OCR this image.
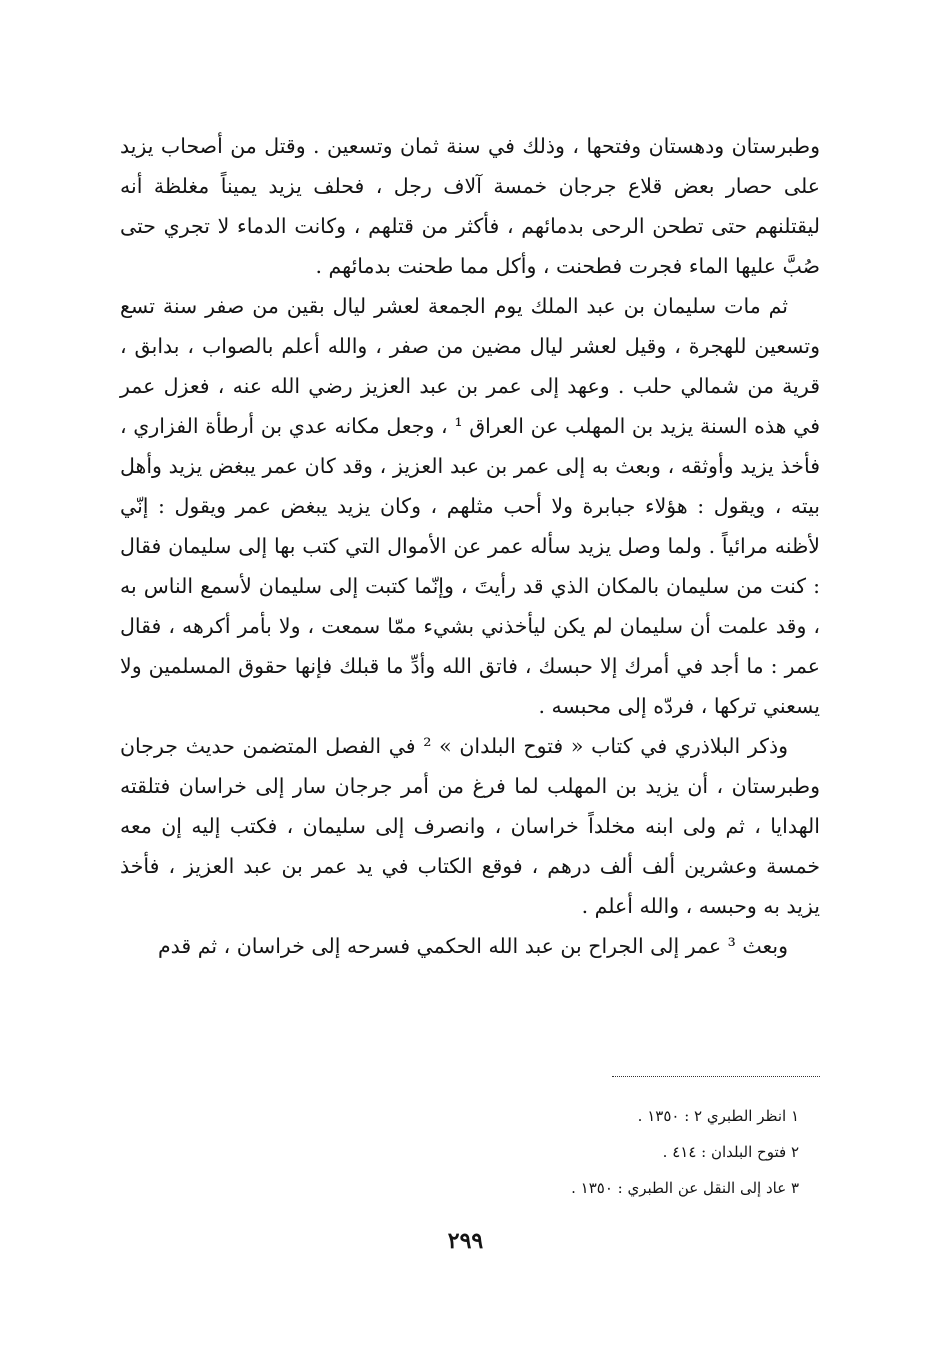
وطبرستان ودهستان وفتحها ، وذلك في سنة ثمان وتسعين . وقتل من أصحاب يزيد على حصار بعض قلاع جرجان خمسة آلاف رجل ، فحلف يزيد يميناً مغلظة أنه ليقتلنهم حتى تطحن الرحى بدمائهم ، فأكثر من قتلهم ، وكانت الدماء لا تجري حتى صُبَّ عليها الماء فجرت فطحنت ، وأكل مما طحنت بدمائهم .

ثم مات سليمان بن عبد الملك يوم الجمعة لعشر ليال بقين من صفر سنة تسع وتسعين للهجرة ، وقيل لعشر ليال مضين من صفر ، والله أعلم بالصواب ، بدابق ، قرية من شمالي حلب . وعهد إلى عمر بن عبد العزيز رضي الله عنه ، فعزل عمر في هذه السنة يزيد بن المهلب عن العراق ¹ ، وجعل مكانه عدي بن أرطأة الفزاري ، فأخذ يزيد وأوثقه ، وبعث به إلى عمر بن عبد العزيز ، وقد كان عمر يبغض يزيد وأهل بيته ، ويقول : هؤلاء جبابرة ولا أحب مثلهم ، وكان يزيد يبغض عمر ويقول : إنّي لأظنه مرائياً . ولما وصل يزيد سأله عمر عن الأموال التي كتب بها إلى سليمان فقال : كنت من سليمان بالمكان الذي قد رأيتَ ، وإنّما كتبت إلى سليمان لأسمع الناس به ، وقد علمت أن سليمان لم يكن ليأخذني بشيء ممّا سمعت ، ولا بأمر أكرهه ، فقال عمر : ما أجد في أمرك إلا حبسك ، فاتق الله وأدِّ ما قبلك فإنها حقوق المسلمين ولا يسعني تركها ، فردّه إلى محبسه .

وذكر البلاذري في كتاب « فتوح البلدان » ² في الفصل المتضمن حديث جرجان وطبرستان ، أن يزيد بن المهلب لما فرغ من أمر جرجان سار إلى خراسان فتلقته الهدايا ، ثم ولى ابنه مخلداً خراسان ، وانصرف إلى سليمان ، فكتب إليه إن معه خمسة وعشرين ألف ألف درهم ، فوقع الكتاب في يد عمر بن عبد العزيز ، فأخذ يزيد به وحبسه ، والله أعلم .

وبعث ³ عمر إلى الجراح بن عبد الله الحكمي فسرحه إلى خراسان ، ثم قدم

١ انظر الطبري ٢ : ١٣٥٠ .

٢ فتوح البلدان : ٤١٤ .

٣ عاد إلى النقل عن الطبري : ١٣٥٠ .

٢٩٩
